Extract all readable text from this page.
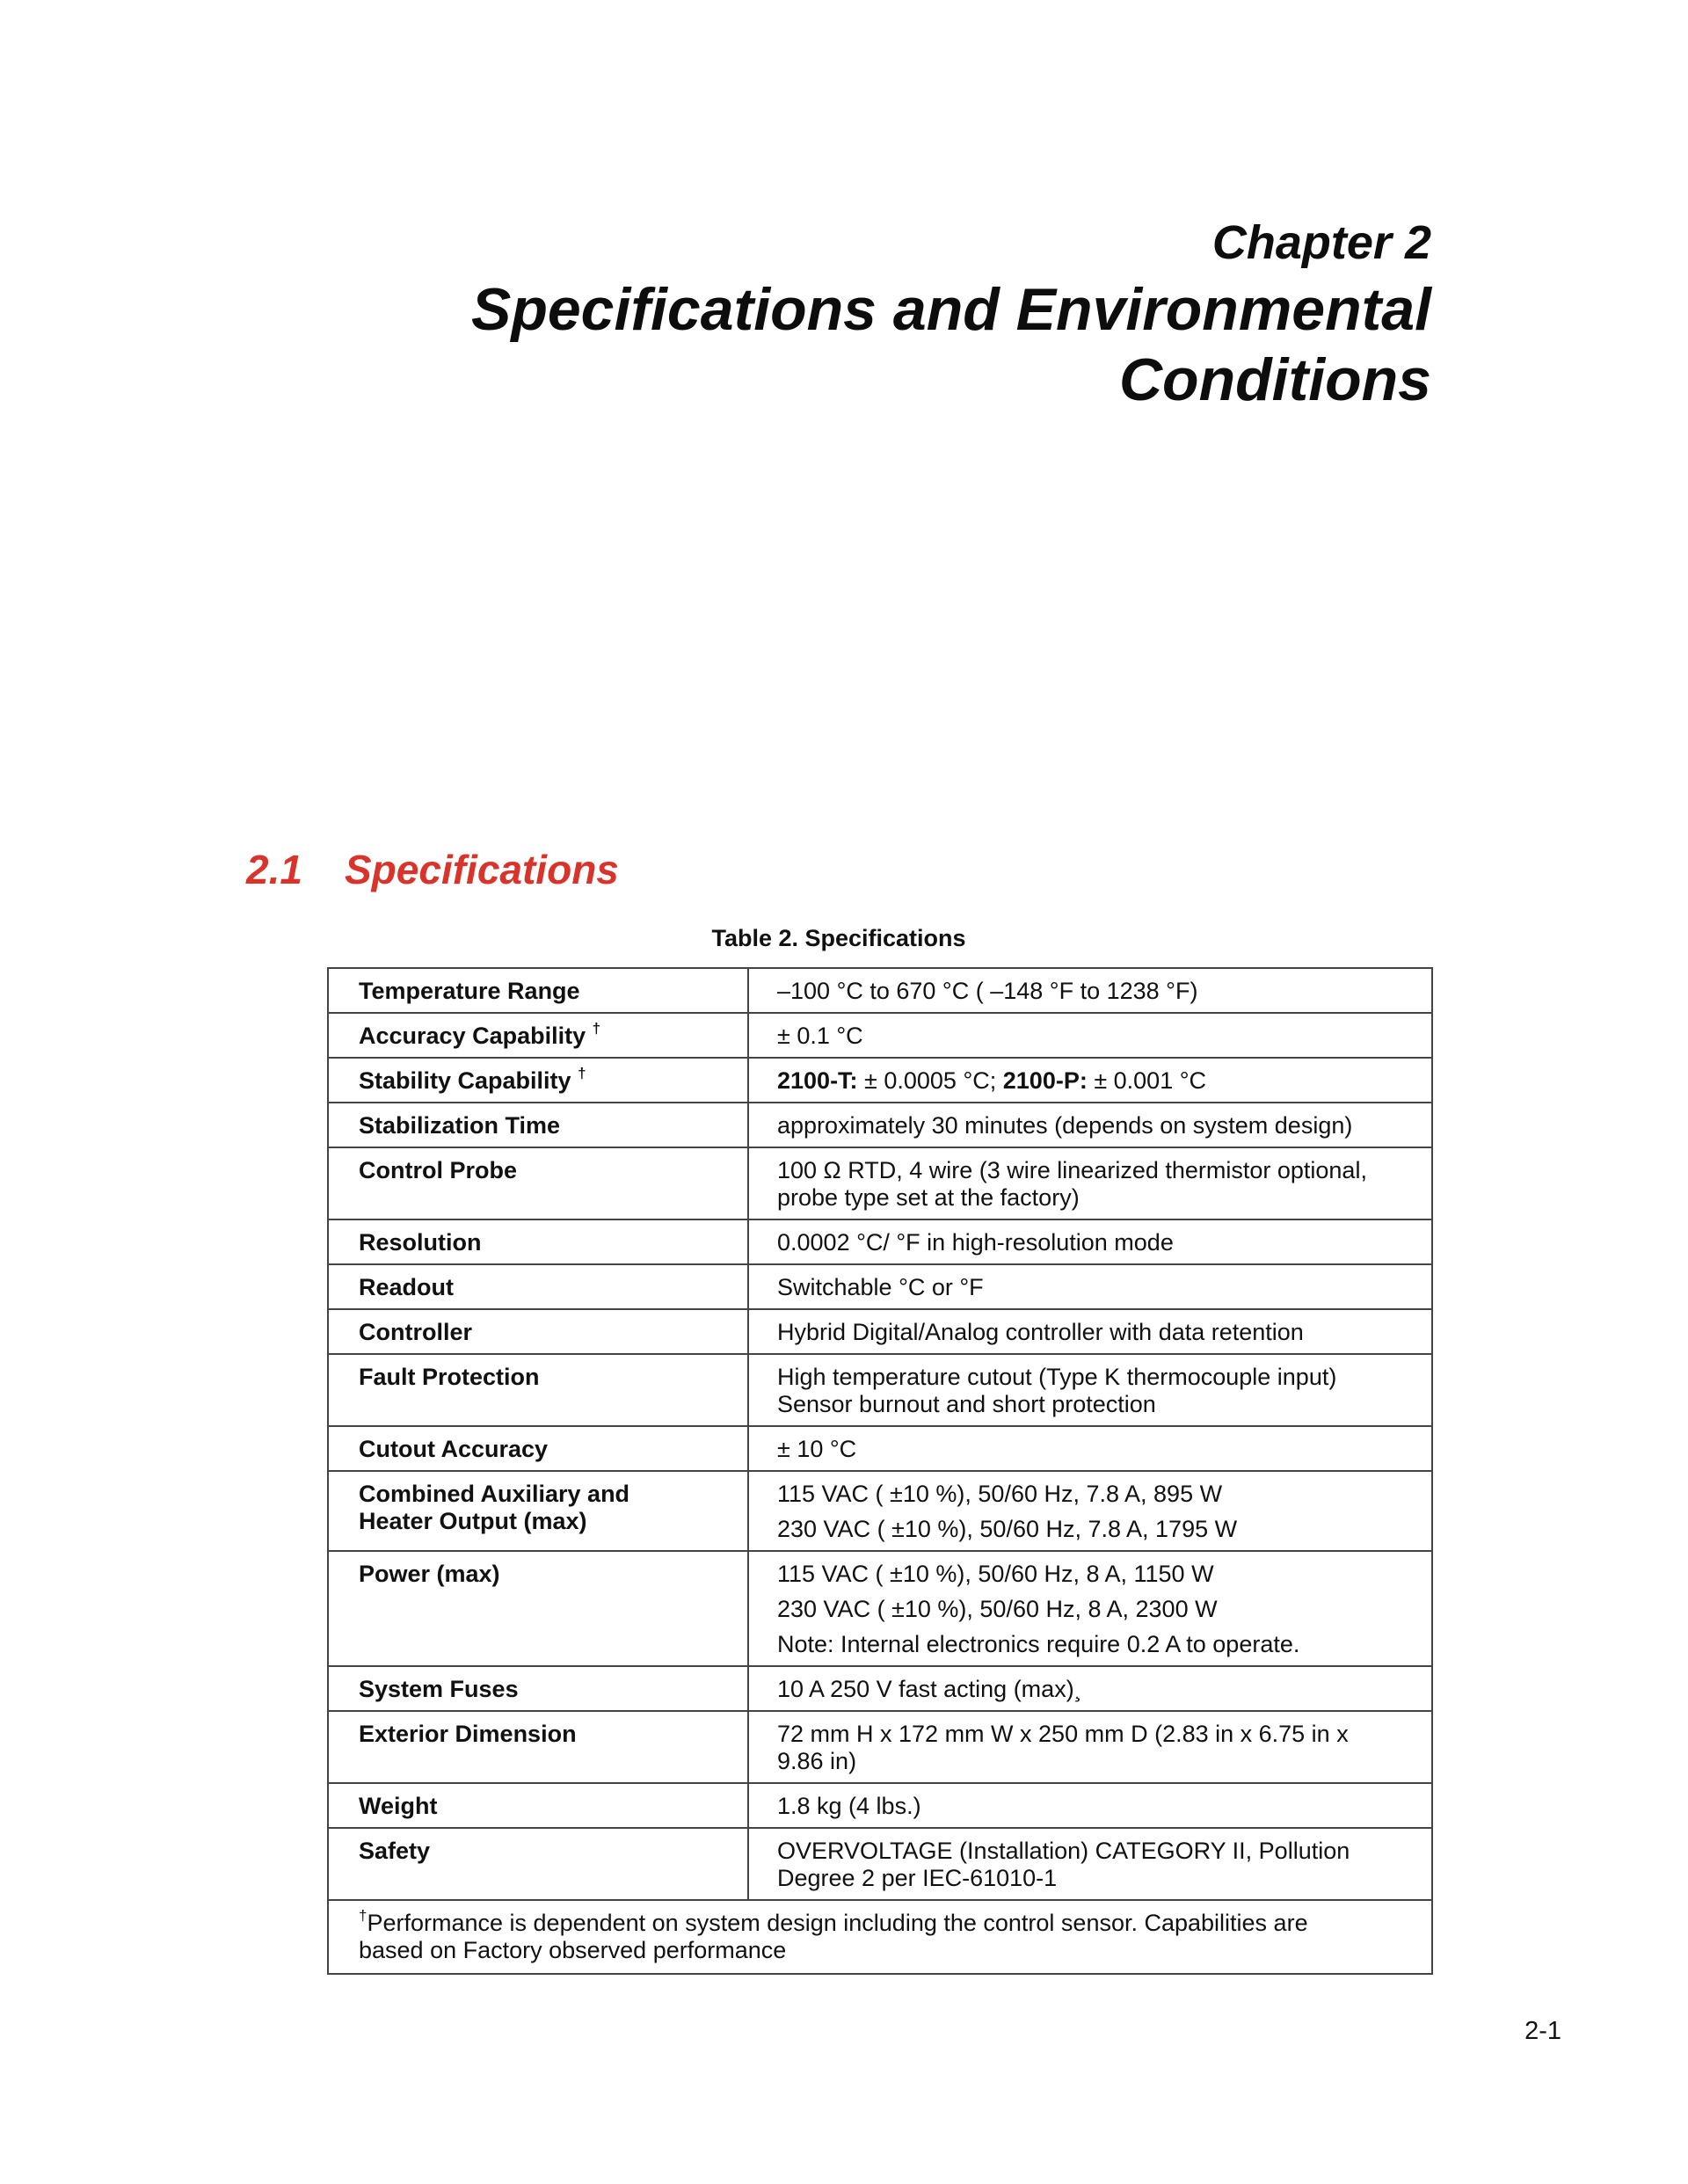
Chapter 2
Specifications and Environmental
Conditions
2.1 Specifications
Table 2. Specifications
Temperature Range	–100 °C to 670 °C ( –148 °F to 1238 °F)

Accuracy Capability †	± 0.1 °C

Stability Capability †	2100-T: ± 0.0005 °C; 2100-P: ± 0.001 °C
Stabilization Time	approximately 30 minutes (depends on system design)

Control Probe	100 Ω RTD, 4 wire (3 wire linearized thermistor optional,
probe type set at the factory)

Resolution	0.0002 °C/ °F in high-resolution mode

Readout	Switchable °C or °F

Controller	Hybrid Digital/Analog controller with data retention

Fault Protection	High temperature cutout (Type K thermocouple input)
Sensor burnout and short protection

Cutout Accuracy	± 10 °C

Combined Auxiliary and
Heater Output (max)	115 VAC ( ±10 %), 50/60 Hz, 7.8 A, 895 W
230 VAC ( ±10 %), 50/60 Hz, 7.8 A, 1795 W

Power (max)	115 VAC ( ±10 %), 50/60 Hz, 8 A, 1150 W
230 VAC ( ±10 %), 50/60 Hz, 8 A, 2300 W
Note: Internal electronics require 0.2 A to operate.

System Fuses	10 A 250 V fast acting (max)¸

Exterior Dimension	72 mm H x 172 mm W x 250 mm D (2.83 in x 6.75 in x
9.86 in)

Weight	1.8 kg (4 lbs.)

Safety	OVERVOLTAGE (Installation) CATEGORY II, Pollution
Degree 2 per IEC-61010-1

†Performance is dependent on system design including the control sensor. Capabilities are
based on Factory observed performance	
2-1
